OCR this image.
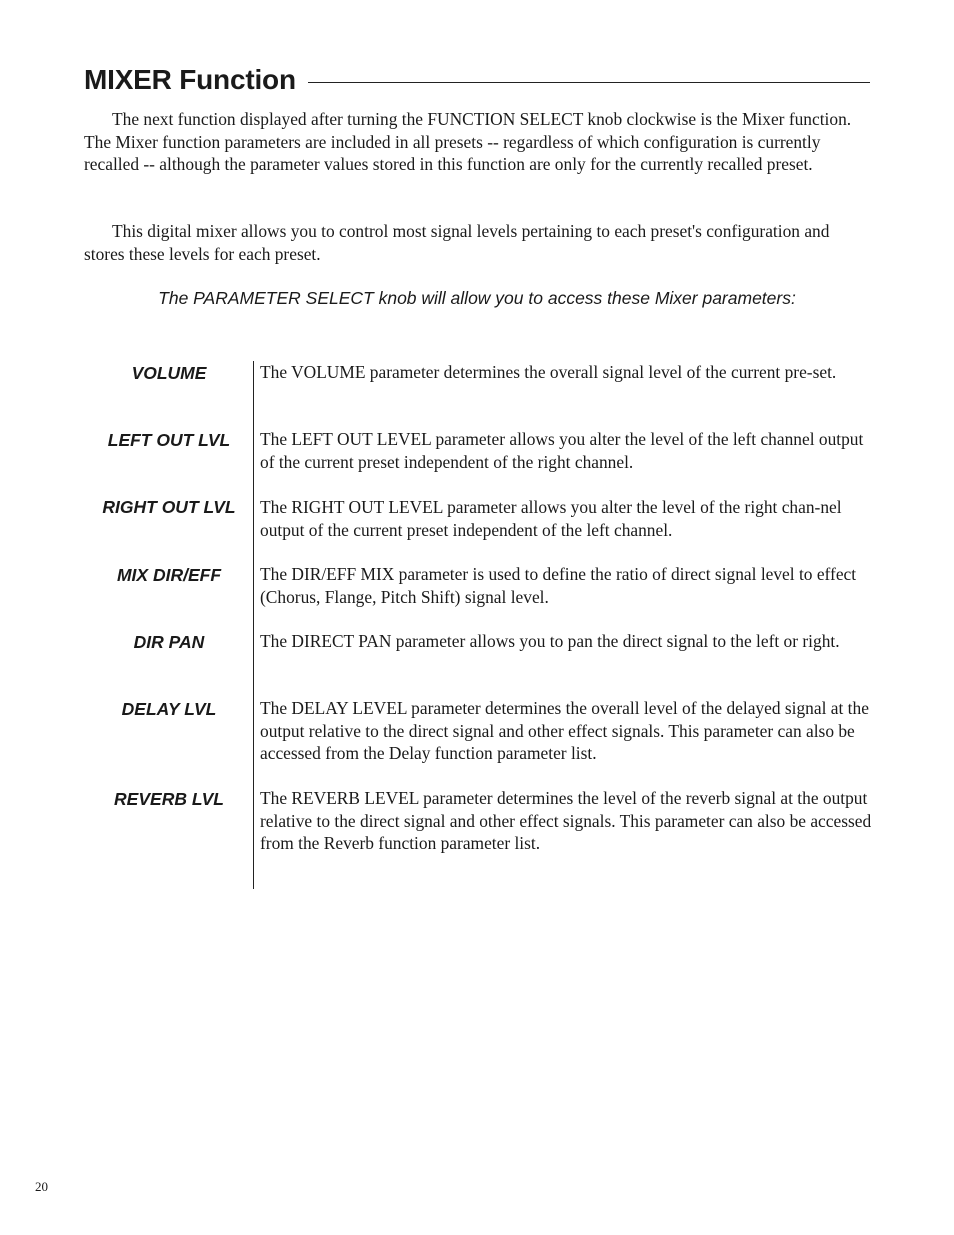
MIXER Function

The next function displayed after turning the FUNCTION SELECT knob clockwise is the Mixer function. The Mixer function parameters are included in all presets -- regardless of which configuration is currently recalled -- although the parameter values stored in this function are only for the currently recalled preset.

This digital mixer allows you to control most signal levels pertaining to each preset's configuration and stores these levels for each preset.

The PARAMETER SELECT knob will allow you to access these Mixer parameters:

VOLUME	The VOLUME parameter determines the overall signal level of the current pre-set.

LEFT OUT LVL	The LEFT OUT LEVEL parameter allows you alter the level of the left channel output of the current preset independent of the right channel.

RIGHT OUT LVL	The RIGHT OUT LEVEL parameter allows you alter the level of the right chan-nel output of the current preset independent of the left channel.

MIX DIR/EFF	The DIR/EFF MIX parameter is used to define the ratio of direct signal level to effect (Chorus, Flange, Pitch Shift) signal level.

DIR PAN	The DIRECT PAN parameter allows you to pan the direct signal to the left or right.

DELAY LVL	The DELAY LEVEL parameter determines the overall level of the delayed signal at the output relative to the direct signal and other effect signals. This parameter can also be accessed from the Delay function parameter list.

REVERB LVL	The REVERB LEVEL parameter determines the level of the reverb signal at the output relative to the direct signal and other effect signals. This parameter can also be accessed from the Reverb function parameter list.

20
